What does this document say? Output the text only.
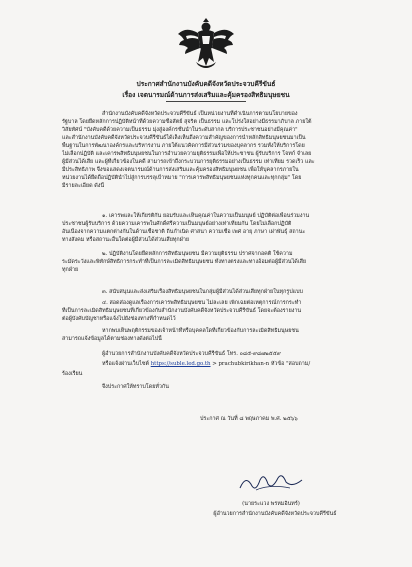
ประกาศสำนักงานบังคับคดีจังหวัดประจวบคีรีขันธ์
เรื่อง เจตนารมณ์ด้านการส่งเสริมและคุ้มครองสิทธิมนุษยชน
สำนักงานบังคับคดีจังหวัดประจวบคีรีขันธ์ เป็นหน่วยงานที่ดำเนินการตามนโยบายของ
รัฐบาล โดยยึดหลักการปฏิบัติหน้าที่ด้วยความซื่อสัตย์ สุจริต เป็นธรรม และโปร่งใสอย่างมีธรรมาภิบาล ภายใต้
วิสัยทัศน์ "บังคับคดีด้วยความเป็นธรรม มุ่งสู่องค์กรชั้นนำในระดับสากล บริการประชาชนอย่างมีคุณค่า"
และสำนักงานบังคับคดีจังหวัดประจวบคีรีขันธ์ได้เล็งเห็นถึงความสำคัญของการนำหลักสิทธิมนุษยชนมาเป็น
พื้นฐานในการพัฒนาองค์กรและบริหารงาน ภายใต้แนวคิดการมีส่วนร่วมของบุคลากร รวมทั้งให้บริการโดย
ไม่เลือกปฏิบัติ และเคารพสิทธิมนุษยชนในการอำนวยความยุติธรรมเพื่อให้ประชาชน ผู้รับบริการ โจทก์ จำเลย
ผู้มีส่วนได้เสีย และผู้ที่เกี่ยวข้องในคดี สามารถเข้าถึงกระบวนการยุติธรรมอย่างเป็นธรรม เท่าเทียม รวดเร็ว และ
มีประสิทธิภาพ จึงขอแสดงเจตนารมณ์ด้านการส่งเสริมและคุ้มครองสิทธิมนุษยชน เพื่อให้บุคลากรภายใน
หน่วยงานได้ยึดถือปฏิบัตินำไปสู่การบรรลุเป้าหมาย "การเคารพสิทธิมนุษยชนแห่งทุกคนและทุกกลุ่ม" โดย
มีรายละเอียด ดังนี้
๑. เคารพและให้เกียรติกัน ยอมรับและเห็นคุณค่าในความเป็นมนุษย์ ปฏิบัติต่อเพื่อนร่วมงาน
ประชาชนผู้รับบริการ ด้วยความเคารพในศักดิ์ศรีความเป็นมนุษย์อย่างเท่าเทียมกัน โดยไม่เลือกปฏิบัติ
อันเนื่องจากความแตกต่างกันในด้านเชื้อชาติ ถิ่นกำเนิด ศาสนา ความเชื่อ เพศ อายุ ภาษา เผ่าพันธุ์ สถานะ
ทางสังคม หรือสถานะอื่นใดต่อผู้มีส่วนได้ส่วนเสียทุกฝ่าย
๒. ปฏิบัติงานโดยยึดหลักการสิทธิมนุษยชน มีความยุติธรรม ปราศจากอคติ ใช้ความ
ระมัดระวังและพิทักษ์สิทธิการกระทำที่เป็นการละเมิดสิทธิมนุษยชน ทั้งทางตรงและทางอ้อมต่อผู้มีส่วนได้เสีย
ทุกฝ่าย
๓. สนับสนุนและส่งเสริมเรื่องสิทธิมนุษยชนในกลุ่มผู้มีส่วนได้ส่วนเสียทุกฝ่ายในทุกรูปแบบ
๔. สอดส่องดูแลเรื่องการเคารพสิทธิมนุษยชน ไม่ละเลย เพิกเฉยต่อเหตุการณ์การกระทำ
ที่เป็นการละเมิดสิทธิมนุษยชนที่เกี่ยวข้องกับสำนักงานบังคับคดีจังหวัดประจวบคีรีขันธ์ โดยจะต้องรายงาน
ต่อผู้บังคับบัญชาหรือแจ้งไปยังช่องทางที่กำหนดไว้
หากพบเห็นพฤติกรรมของเจ้าหน้าที่หรือบุคคลใดที่เกี่ยวข้องกับการละเมิดสิทธิมนุษยชน
สามารถแจ้งข้อมูลได้ตามช่องทางดังต่อไปนี้
ผู้อำนวยการสำนักงานบังคับคดีจังหวัดประจวบคีรีขันธ์ โทร. ๐๘๕-๙๘๗๒๕๕๙
หรือแจ้งผ่านเว็บไซต์ https://suble.led.go.th > prachubkirikhan-n หัวข้อ "สอบถาม/
ร้องเรียน
จึงประกาศให้ทราบโดยทั่วกัน
ประกาศ ณ วันที่ ๘ พฤษภาคม พ.ศ. ๒๕๖๖
(นายระแวง พรหมอินทร์)
ผู้อำนวยการสำนักงานบังคับคดีจังหวัดประจวบคีรีขันธ์
